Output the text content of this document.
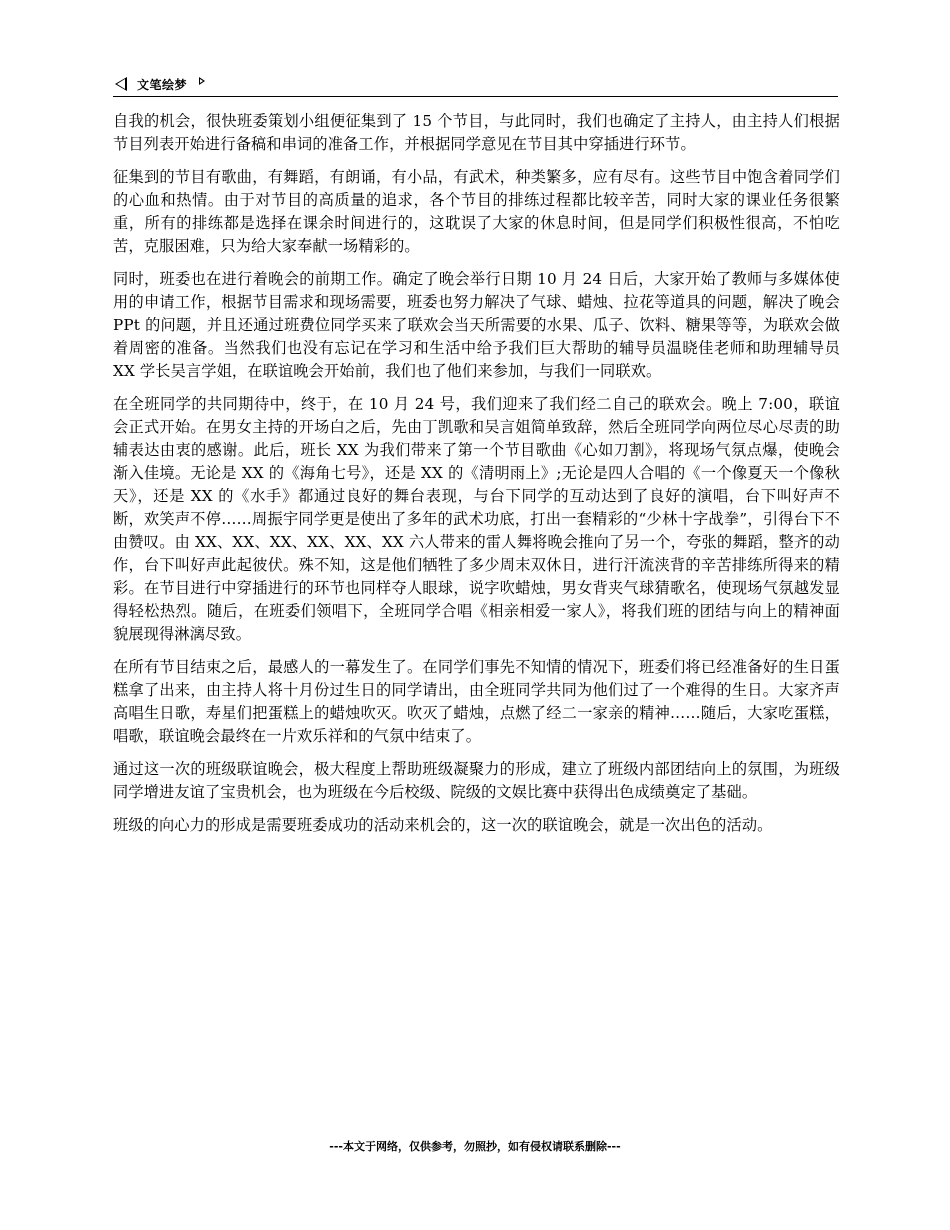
文笔绘梦

自我的机会，很快班委策划小组便征集到了 15 个节目，与此同时，我们也确定了主持人，由主持人们根据节目列表开始进行备稿和串词的准备工作，并根据同学意见在节目其中穿插进行环节。

征集到的节目有歌曲，有舞蹈，有朗诵，有小品，有武术，种类繁多，应有尽有。这些节目中饱含着同学们的心血和热情。由于对节目的高质量的追求，各个节目的排练过程都比较辛苦，同时大家的课业任务很繁重，所有的排练都是选择在课余时间进行的，这耽误了大家的休息时间，但是同学们积极性很高，不怕吃苦，克服困难，只为给大家奉献一场精彩的。

同时，班委也在进行着晚会的前期工作。确定了晚会举行日期 10 月 24 日后，大家开始了教师与多媒体使用的申请工作，根据节目需求和现场需要，班委也努力解决了气球、蜡烛、拉花等道具的问题，解决了晚会 PPt 的问题，并且还通过班费位同学买来了联欢会当天所需要的水果、瓜子、饮料、糖果等等，为联欢会做着周密的准备。当然我们也没有忘记在学习和生活中给予我们巨大帮助的辅导员温晓佳老师和助理辅导员 XX 学长吴言学姐，在联谊晚会开始前，我们也了他们来参加，与我们一同联欢。

在全班同学的共同期待中，终于，在 10 月 24 号，我们迎来了我们经二自己的联欢会。晚上 7:00，联谊会正式开始。在男女主持的开场白之后，先由丁凯歌和吴言姐简单致辞，然后全班同学向两位尽心尽责的助辅表达由衷的感谢。此后，班长 XX 为我们带来了第一个节目歌曲《心如刀割》，将现场气氛点爆，使晚会渐入佳境。无论是 XX 的《海角七号》，还是 XX 的《清明雨上》;无论是四人合唱的《一个像夏天一个像秋天》，还是 XX 的《水手》都通过良好的舞台表现，与台下同学的互动达到了良好的演唱，台下叫好声不断，欢笑声不停……周振宇同学更是使出了多年的武术功底，打出一套精彩的“少林十字战拳”，引得台下不由赞叹。由 XX、XX、XX、XX、XX、XX 六人带来的雷人舞将晚会推向了另一个，夸张的舞蹈，整齐的动作，台下叫好声此起彼伏。殊不知，这是他们牺牲了多少周末双休日，进行汗流浃背的辛苦排练所得来的精彩。在节目进行中穿插进行的环节也同样夺人眼球，说字吹蜡烛，男女背夹气球猜歌名，使现场气氛越发显得轻松热烈。随后，在班委们领唱下，全班同学合唱《相亲相爱一家人》，将我们班的团结与向上的精神面貌展现得淋漓尽致。

在所有节目结束之后，最感人的一幕发生了。在同学们事先不知情的情况下，班委们将已经准备好的生日蛋糕拿了出来，由主持人将十月份过生日的同学请出，由全班同学共同为他们过了一个难得的生日。大家齐声高唱生日歌，寿星们把蛋糕上的蜡烛吹灭。吹灭了蜡烛，点燃了经二一家亲的精神……随后，大家吃蛋糕，唱歌，联谊晚会最终在一片欢乐祥和的气氛中结束了。

通过这一次的班级联谊晚会，极大程度上帮助班级凝聚力的形成，建立了班级内部团结向上的氛围，为班级同学增进友谊了宝贵机会，也为班级在今后校级、院级的文娱比赛中获得出色成绩奠定了基础。

班级的向心力的形成是需要班委成功的活动来机会的，这一次的联谊晚会，就是一次出色的活动。

---本文于网络，仅供参考，勿照抄，如有侵权请联系删除---
